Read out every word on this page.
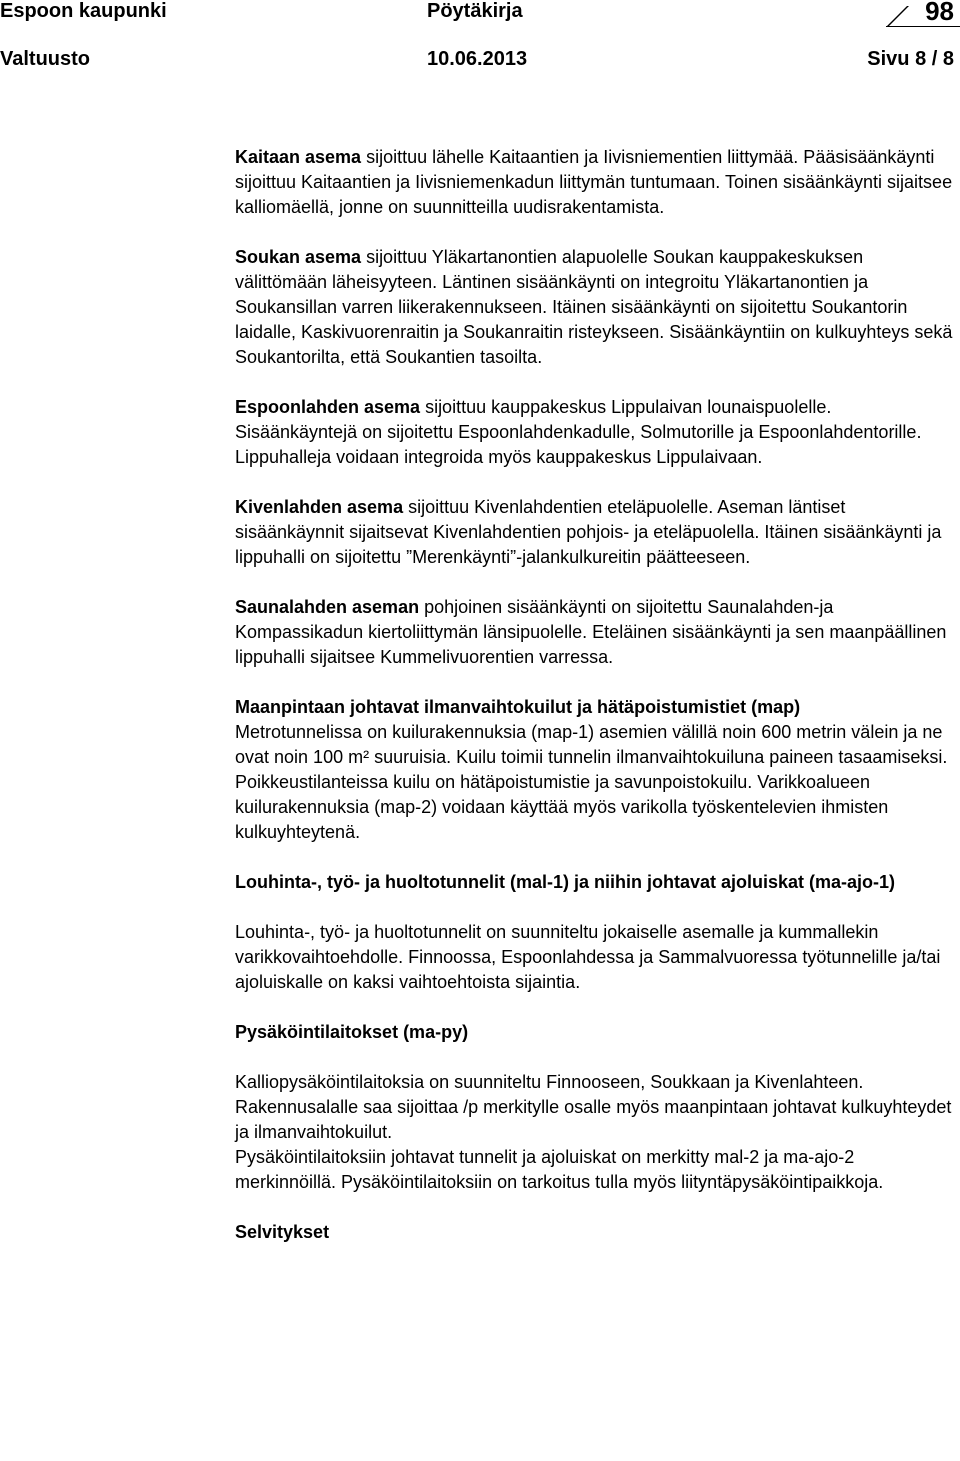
Espoon kaupunki	Pöytäkirja	98
Valtuusto	10.06.2013	Sivu 8 / 8

Kaitaan asema sijoittuu lähelle Kaitaantien ja Iivisniementien liittymää. Pääsisäänkäynti sijoittuu Kaitaantien ja Iivisniemenkadun liittymän tuntumaan. Toinen sisäänkäynti sijaitsee kalliomäellä, jonne on suunnitteilla uudisrakentamista.

Soukan asema sijoittuu Yläkartanontien alapuolelle Soukan kauppakeskuksen välittömään läheisyyteen. Läntinen sisäänkäynti on integroitu Yläkartanontien ja Soukansillan varren liikerakennukseen. Itäinen sisäänkäynti on sijoitettu Soukantorin laidalle, Kaskivuorenraitin ja Soukanraitin risteykseen. Sisäänkäyntiin on kulkuyhteys sekä Soukantorilta, että Soukantien tasoilta.

Espoonlahden asema sijoittuu kauppakeskus Lippulaivan lounaispuolelle. Sisäänkäyntejä on sijoitettu Espoonlahdenkadulle, Solmutorille ja Espoonlahdentorille. Lippuhalleja voidaan integroida myös kauppakeskus Lippulaivaan.

Kivenlahden asema sijoittuu Kivenlahdentien eteläpuolelle. Aseman läntiset sisäänkäynnit sijaitsevat Kivenlahdentien pohjois- ja eteläpuolella. Itäinen sisäänkäynti ja lippuhalli on sijoitettu ”Merenkäynti”-jalankulkureitin päätteeseen.

Saunalahden aseman pohjoinen sisäänkäynti on sijoitettu Saunalahden-ja Kompassikadun kiertoliittymän länsipuolelle. Eteläinen sisäänkäynti ja sen maanpäällinen lippuhalli sijaitsee Kummelivuorentien varressa.

Maanpintaan johtavat ilmanvaihtokuilut ja hätäpoistumistiet (map)

Metrotunnelissa on kuilurakennuksia (map-1) asemien välillä noin 600 metrin välein ja ne ovat noin 100 m² suuruisia. Kuilu toimii tunnelin ilmanvaihtokuiluna paineen tasaamiseksi. Poikkeustilanteissa kuilu on hätäpoistumistie ja savunpoistokuilu. Varikkoalueen kuilurakennuksia (map-2) voidaan käyttää myös varikolla työskentelevien ihmisten kulkuyhteytenä.

Louhinta-, työ- ja huoltotunnelit (mal-1) ja niihin johtavat ajoluiskat (ma-ajo-1)

Louhinta-, työ- ja huoltotunnelit on suunniteltu jokaiselle asemalle ja kummallekin varikkovaihtoehdolle. Finnoossa, Espoonlahdessa ja Sammalvuoressa työtunnelille ja/tai ajoluiskalle on kaksi vaihtoehtoista sijaintia.

Pysäköintilaitokset (ma-py)

Kalliopysäköintilaitoksia on suunniteltu Finnooseen, Soukkaan ja Kivenlahteen. Rakennusalalle saa sijoittaa /p merkitylle osalle myös maanpintaan johtavat kulkuyhteydet ja ilmanvaihtokuilut.

Pysäköintilaitoksiin johtavat tunnelit ja ajoluiskat on merkitty mal-2 ja ma-ajo-2 merkinnöillä. Pysäköintilaitoksiin on tarkoitus tulla myös liityntäpysäköintipaikkoja.

Selvitykset
